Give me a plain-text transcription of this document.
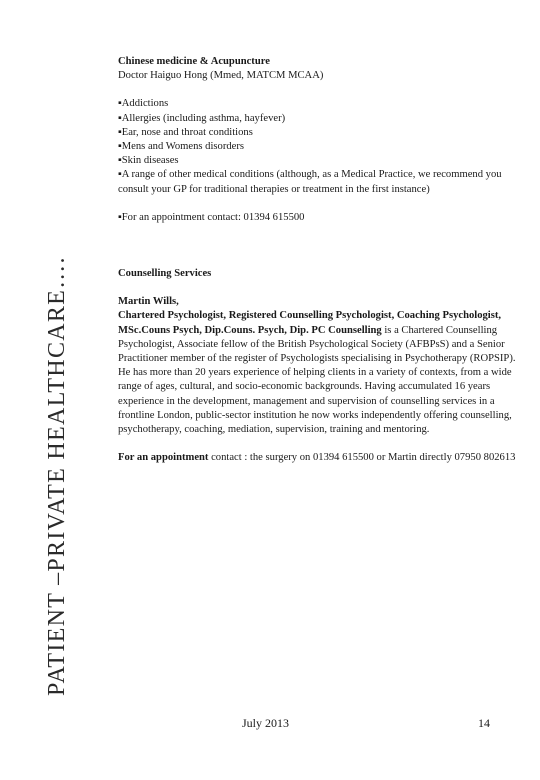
PATIENT –PRIVATE HEALTHCARE….
Chinese medicine & Acupuncture
Doctor Haiguo Hong (Mmed, MATCM MCAA)
▪Addictions
▪Allergies (including asthma, hayfever)
▪Ear, nose and throat conditions
▪Mens and Womens disorders
▪Skin diseases
▪A range of other medical conditions (although, as a Medical Practice, we recommend you consult your GP for traditional therapies or treatment in the first instance)
▪For an appointment contact: 01394 615500
Counselling Services
Martin Wills,

Chartered Psychologist, Registered Counselling Psychologist, Coaching Psychologist, MSc.Couns Psych, Dip.Couns. Psych, Dip. PC Counselling is a Chartered Counselling Psychologist, Associate fellow of the British Psychological Society (AFBPsS) and a Senior Practitioner member of the register of Psychologists specialising in Psychotherapy (ROPSIP). He has more than 20 years experience of helping clients in a variety of contexts, from a wide range of ages, cultural, and socio-economic backgrounds. Having accumulated 16 years experience in the development, management and supervision of counselling services in a frontline London, public-sector institution he now works independently offering counselling, psychotherapy, coaching, mediation, supervision, training and mentoring.

For an appointment contact : the surgery on 01394 615500 or Martin directly 07950 802613

July 2013	14
